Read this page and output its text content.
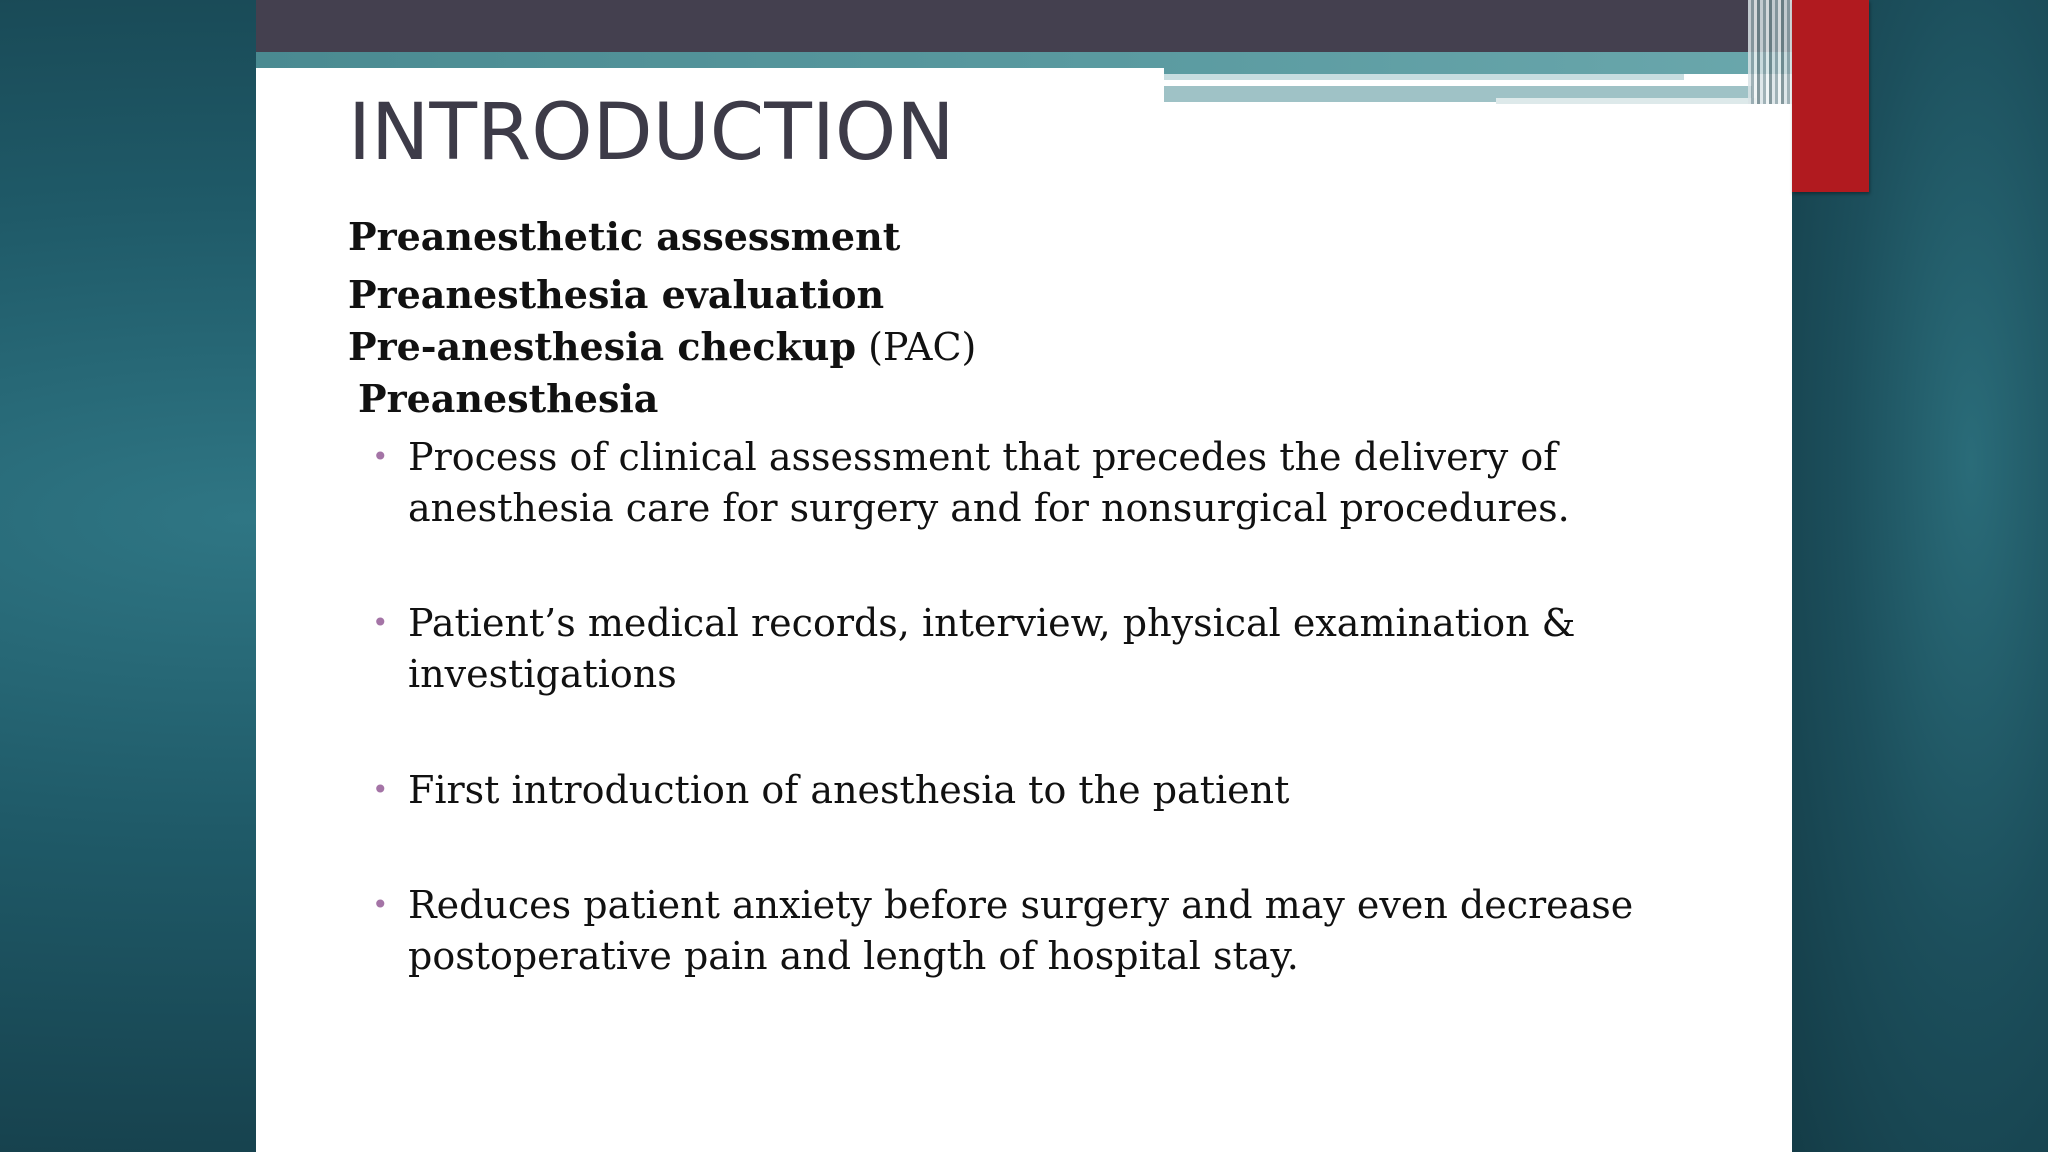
INTRODUCTION

Preanesthetic assessment

Preanesthesia evaluation

Pre-anesthesia checkup (PAC)

Preanesthesia

• Process of clinical assessment that precedes the delivery of
anesthesia care for surgery and for nonsurgical procedures.
• Patient’s medical records, interview, physical examination &
investigations
• First introduction of anesthesia to the patient
• Reduces patient anxiety before surgery and may even decrease
postoperative pain and length of hospital stay.
